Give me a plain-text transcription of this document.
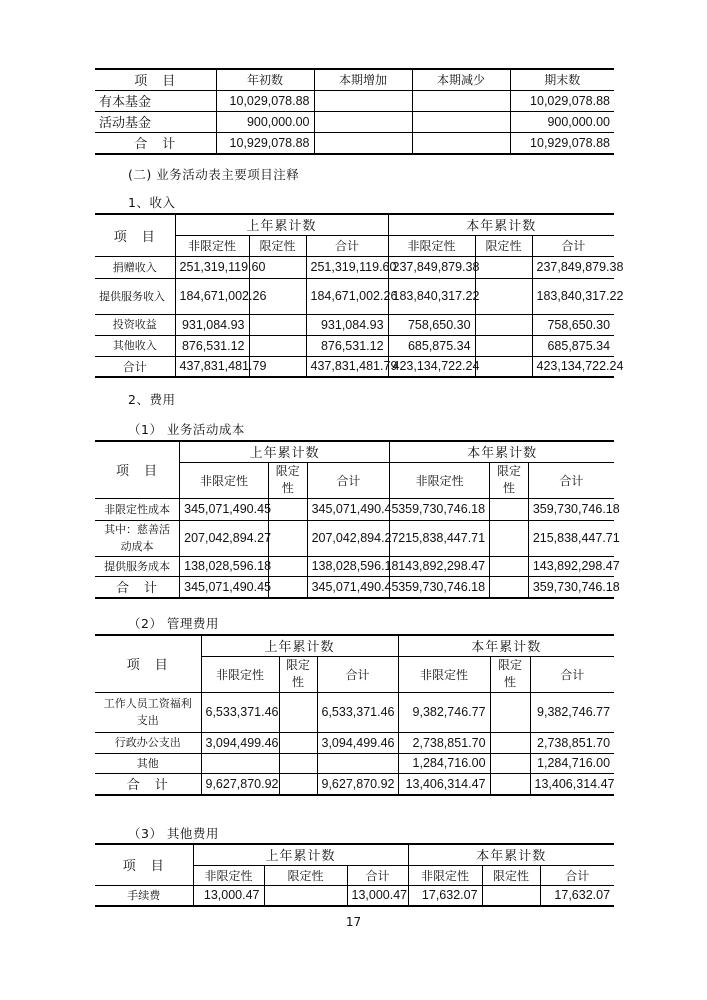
项　目	年初数	本期增加	本期减少	期末数
有本基金	10,029,078.88			10,029,078.88
活动基金	900,000.00			900,000.00
合　计	10,929,078.88			10,929,078.88
(二) 业务活动表主要项目注释
1、收入
项　目	上年累计数			本年累计数		
	非限定性	限定性	合计	非限定性	限定性	合计
捐赠收入	251,319,119.60		251,319,119.60	237,849,879.38		237,849,879.38
提供服务收入	184,671,002.26		184,671,002.26	183,840,317.22		183,840,317.22
投资收益	931,084.93		931,084.93	758,650.30		758,650.30
其他收入	876,531.12		876,531.12	685,875.34		685,875.34
合计	437,831,481.79		437,831,481.79	423,134,722.24		423,134,722.24
2、费用
（1） 业务活动成本
项　目	上年累计数			本年累计数		
	非限定性	限定性	合计	非限定性	限定性	合计
非限定性成本	345,071,490.45		345,071,490.45	359,730,746.18		359,730,746.18
其中：慈善活动成本	207,042,894.27		207,042,894.27	215,838,447.71		215,838,447.71
提供服务成本	138,028,596.18		138,028,596.18	143,892,298.47		143,892,298.47
合　计	345,071,490.45		345,071,490.45	359,730,746.18		359,730,746.18
（2） 管理费用
项　目	上年累计数			本年累计数		
	非限定性	限定性	合计	非限定性	限定性	合计
工作人员工资福利支出	6,533,371.46		6,533,371.46	9,382,746.77		9,382,746.77
行政办公支出	3,094,499.46		3,094,499.46	2,738,851.70		2,738,851.70
其他				1,284,716.00		1,284,716.00
合　计	9,627,870.92		9,627,870.92	13,406,314.47		13,406,314.47
（3） 其他费用
项　目	上年累计数			本年累计数		
	非限定性	限定性	合计	非限定性	限定性	合计
手续费	13,000.47		13,000.47	17,632.07		17,632.07
17
